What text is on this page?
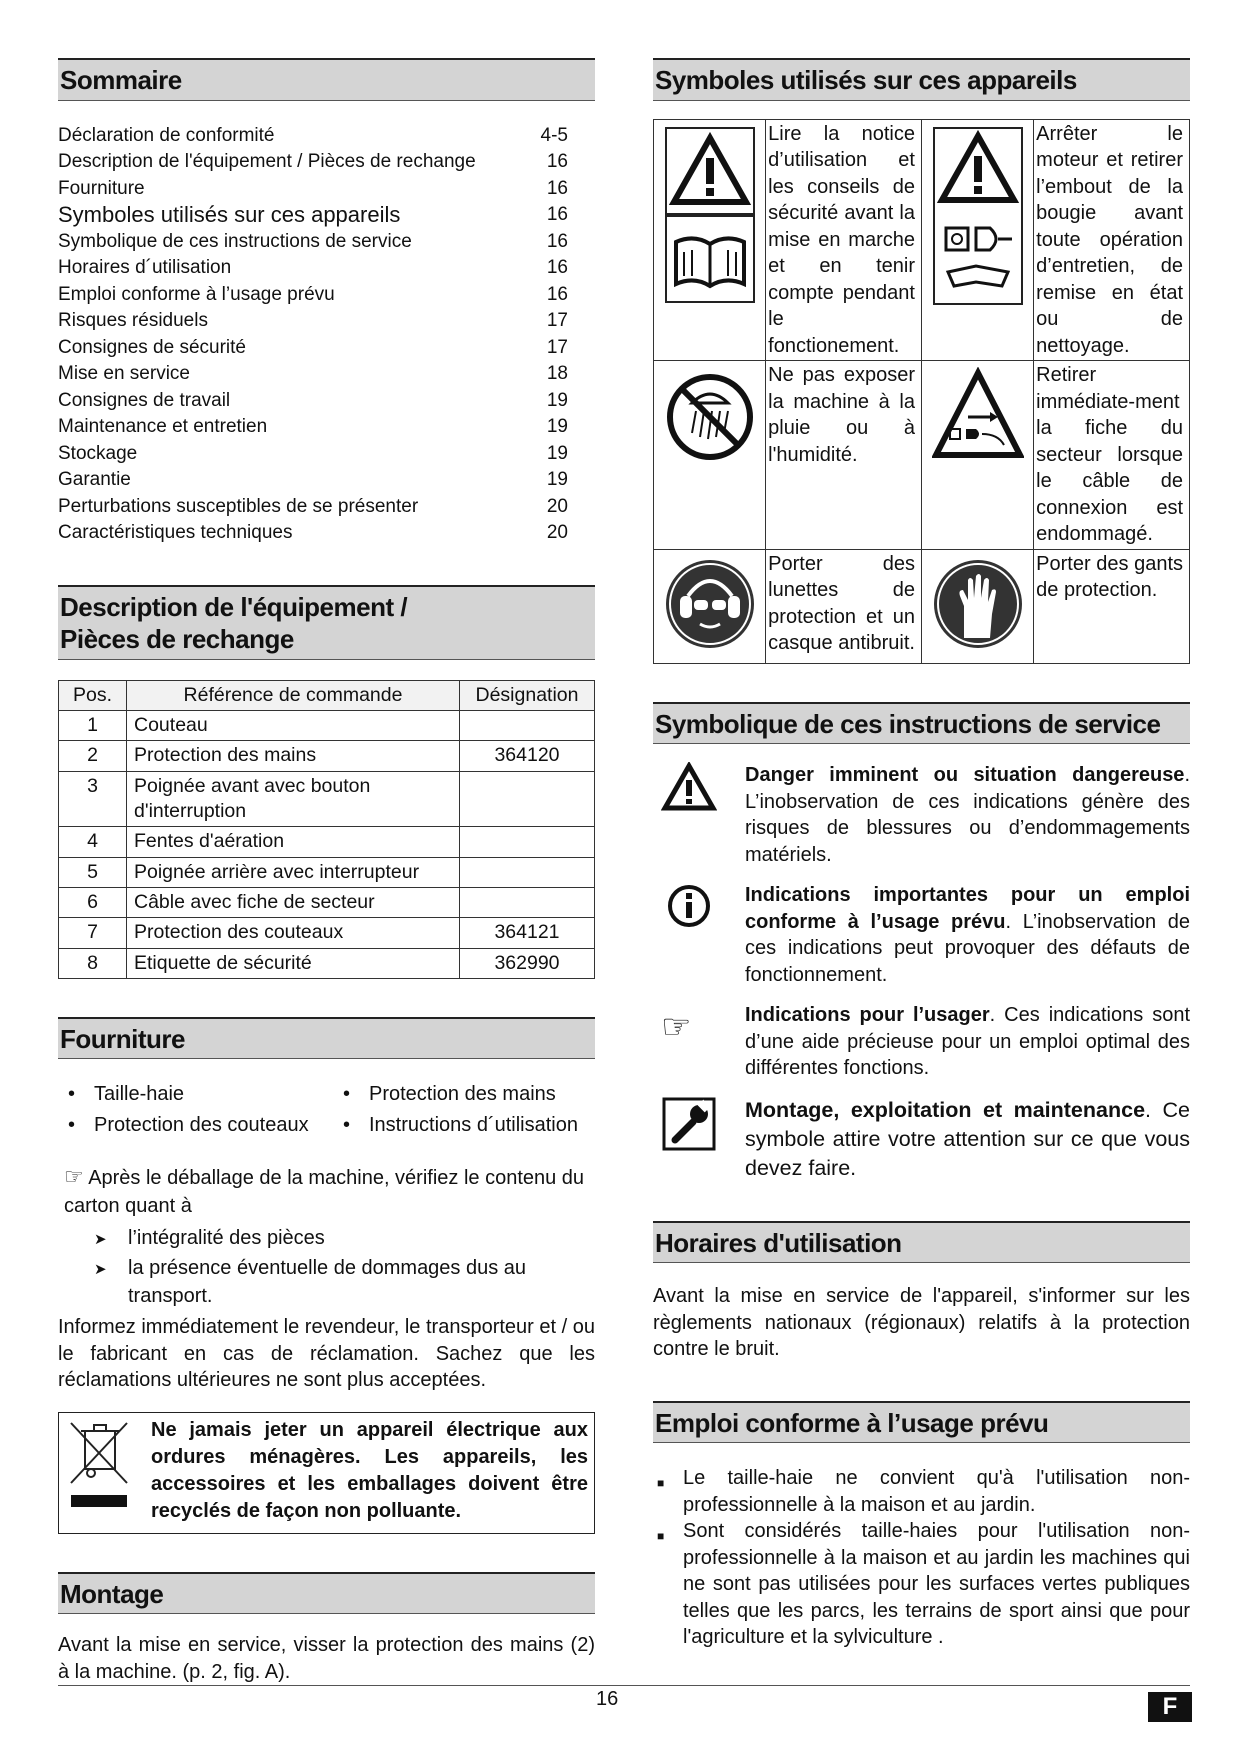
Sommaire
Déclaration de conformité	4-5
Description de l'équipement / Pièces de rechange	16
Fourniture	16
Symboles utilisés sur ces appareils	16
Symbolique de ces instructions de service	16
Horaires d´utilisation	16
Emploi conforme à l’usage prévu	16
Risques résiduels	17
Consignes de sécurité	17
Mise en service	18
Consignes de travail	19
Maintenance et entretien	19
Stockage	19
Garantie	19
Perturbations susceptibles de se présenter	20
Caractéristiques techniques	20
Description de l'équipement /
Pièces de rechange
Pos.	Référence de commande	Désignation
1	Couteau	
2	Protection des mains	364120
3	Poignée avant avec bouton d'interruption	
4	Fentes d'aération	
5	Poignée arrière avec interrupteur	
6	Câble avec fiche de secteur	
7	Protection des couteaux	364121
8	Etiquette de sécurité	362990
Fourniture
• Taille-haie	• Protection des mains
• Protection des couteaux	• Instructions d´utilisation
☞ Après le déballage de la machine, vérifiez le contenu du carton quant à
➤	l’intégralité des pièces
➤	la présence éventuelle de dommages dus au transport.
Informez immédiatement le revendeur, le transporteur et / ou le fabricant en cas de réclamation. Sachez que les réclamations ultérieures ne sont plus acceptées.
Ne jamais jeter un appareil électrique aux ordures ménagères. Les appareils, les accessoires et les emballages doivent être recyclés de façon non polluante.
Montage
Avant la mise en service, visser la protection des mains (2) à la machine. (p. 2, fig. A).
Symboles utilisés sur ces appareils
	Lire la notice d’utilisation et les conseils de sécurité avant la mise en marche et en tenir compte pendant le fonctionement.		Arrêter le moteur et retirer l’embout de la bougie avant toute opération d’entretien, de remise en état ou de nettoyage.
	Ne pas exposer la machine à la pluie ou à l'humidité.		Retirer immédiate-ment la fiche du secteur lorsque le câble de connexion est endommagé.
	Porter des lunettes de protection et un casque antibruit.		Porter des gants de protection.
Symbolique de ces instructions de service
Danger imminent ou situation dangereuse. L’inobservation de ces indications génère des risques de blessures ou d’endommagements matériels.
Indications importantes pour un emploi conforme à l’usage prévu. L’inobservation de ces indications peut provoquer des défauts de fonctionnement.
☞	Indications pour l’usager. Ces indications sont d’une aide précieuse pour un emploi optimal des différentes fonctions.
Montage, exploitation et maintenance. Ce symbole attire votre attention sur ce que vous devez faire.
Horaires d'utilisation
Avant la mise en service de l'appareil, s'informer sur les règlements nationaux (régionaux) relatifs à la protection contre le bruit.
Emploi conforme à l’usage prévu
■ Le taille-haie ne convient qu'à l'utilisation non-professionnelle à la maison et au jardin.
■ Sont considérés taille-haies pour l'utilisation non-professionnelle à la maison et au jardin les machines qui ne sont pas utilisées pour les surfaces vertes publiques telles que les parcs, les terrains de sport ainsi que pour l'agriculture et la sylviculture .
16	F
